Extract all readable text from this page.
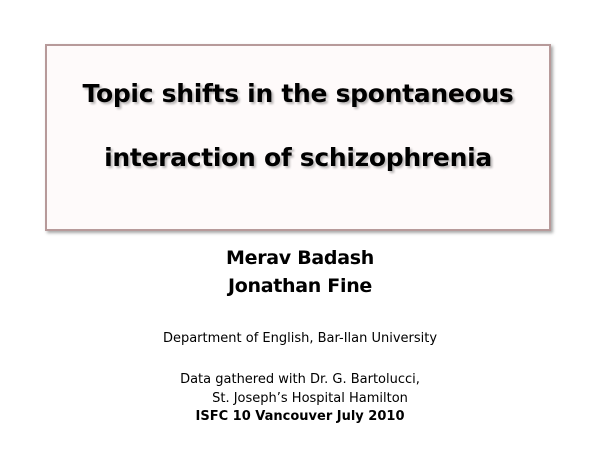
Topic shifts in the spontaneous
interaction of schizophrenia
Merav Badash
Jonathan Fine
Department of English, Bar-Ilan University
Data gathered with Dr. G. Bartolucci,
St. Joseph’s Hospital Hamilton
ISFC 10 Vancouver July 2010
